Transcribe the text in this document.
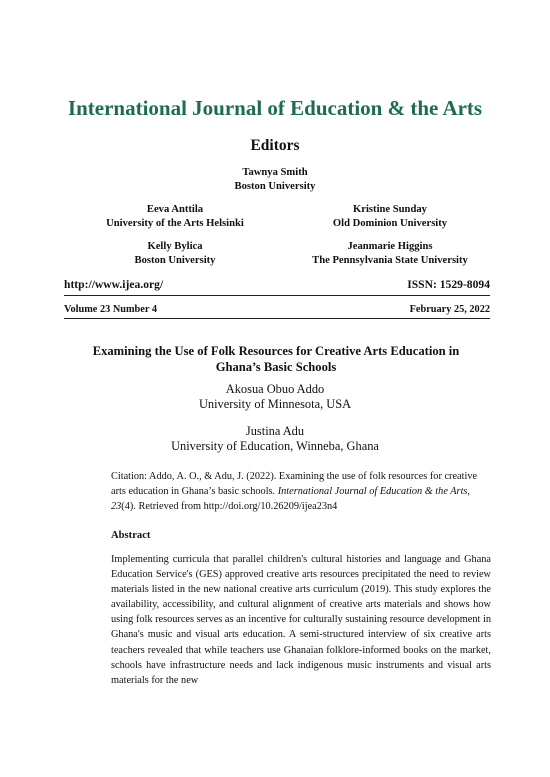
International Journal of Education & the Arts
Editors
Tawnya Smith
Boston University
Eeva Anttila
University of the Arts Helsinki
Kristine Sunday
Old Dominion University
Kelly Bylica
Boston University
Jeanmarie Higgins
The Pennsylvania State University
http://www.ijea.org/	ISSN: 1529-8094
Volume 23 Number 4	February 25, 2022
Examining the Use of Folk Resources for Creative Arts Education in Ghana’s Basic Schools
Akosua Obuo Addo
University of Minnesota, USA
Justina Adu
University of Education, Winneba, Ghana
Citation: Addo, A. O., & Adu, J. (2022). Examining the use of folk resources for creative arts education in Ghana’s basic schools. International Journal of Education & the Arts, 23(4). Retrieved from http://doi.org/10.26209/ijea23n4
Abstract

Implementing curricula that parallel children's cultural histories and language and Ghana Education Service's (GES) approved creative arts resources precipitated the need to review materials listed in the new national creative arts curriculum (2019). This study explores the availability, accessibility, and cultural alignment of creative arts materials and shows how using folk resources serves as an incentive for culturally sustaining resource development in Ghana's music and visual arts education. A semi-structured interview of six creative arts teachers revealed that while teachers use Ghanaian folklore-informed books on the market, schools have infrastructure needs and lack indigenous music instruments and visual arts materials for the new
